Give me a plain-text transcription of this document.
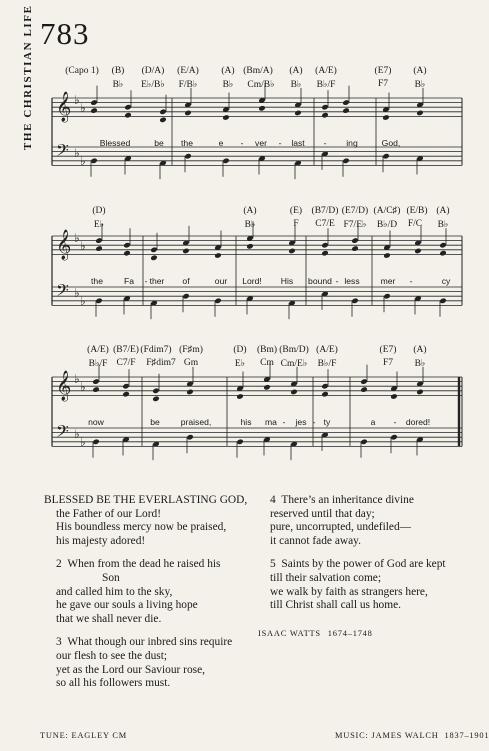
THE CHRISTIAN LIFE 783
𝄞 ♭
♭
𝄢 ♭
♭
𝄞 ♭
♭
𝄢 ♭
♭
𝄞 ♭
♭
𝄢 ♭
♭
(Capo 1) (B) (D/A) (E/A) (A) (Bm/A) (A) (A/E)	(E7) (A)
B♭ E♭/B♭ F/B♭	B♭ Cm/B♭ B♭ B♭/F	F7	B♭
Blessed	be the	e - ver - last - ing	God,
(D)	(A)	(E) (B7/D) (E7/D) (A/C♯) (E/B) (A)
E♭	B♭	F C7/E F7/E♭ B♭/D F/C B♭
the Fa - ther of	our Lord! His bound - less mer -	cy
(A/E) (B7/E) (Fdim7) (F♯m)	(D) (Bm) (Bm/D) (A/E)	(E7) (A)
B♭/F C7/F F♯dim7 Gm	E♭ Cm Cm/E♭ B♭/F	F7 B♭
now	be praised,	his ma - jes - ty	a - dored!
BLESSED BE THE EVERLASTING GOD,
the Father of our Lord!
His boundless mercy now be praised,
his majesty adored!
2 When from the dead he raised his
Son
and called him to the sky,
he gave our souls a living hope
that we shall never die.
3 What though our inbred sins require
our flesh to see the dust;
yet as the Lord our Saviour rose,
so all his followers must.
4 There’s an inheritance divine
reserved until that day;
pure, uncorrupted, undefiled—
it cannot fade away.
5 Saints by the power of God are kept
till their salvation come;
we walk by faith as strangers here,
till Christ shall call us home.
ISAAC WATTS 1674–1748
TUNE: EAGLEY CM	MUSIC: JAMES WALCH 1837–1901
